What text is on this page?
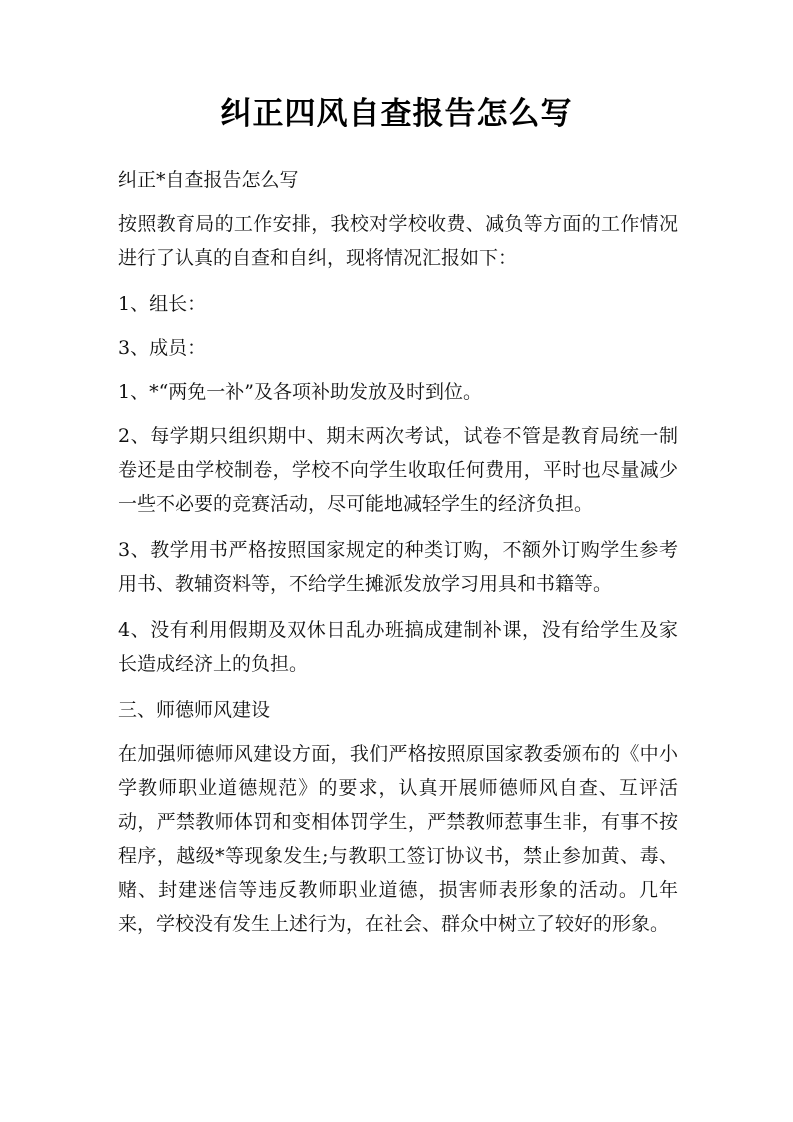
纠正四风自查报告怎么写

纠正*自查报告怎么写

按照教育局的工作安排，我校对学校收费、减负等方面的工作情况进行了认真的自查和自纠，现将情况汇报如下：

1、组长：

3、成员：

1、*“两免一补”及各项补助发放及时到位。

2、每学期只组织期中、期末两次考试，试卷不管是教育局统一制卷还是由学校制卷，学校不向学生收取任何费用，平时也尽量减少一些不必要的竞赛活动，尽可能地减轻学生的经济负担。

3、教学用书严格按照国家规定的种类订购，不额外订购学生参考用书、教辅资料等，不给学生摊派发放学习用具和书籍等。

4、没有利用假期及双休日乱办班搞成建制补课，没有给学生及家长造成经济上的负担。

三、师德师风建设

在加强师德师风建设方面，我们严格按照原国家教委颁布的《中小学教师职业道德规范》的要求，认真开展师德师风自查、互评活动，严禁教师体罚和变相体罚学生，严禁教师惹事生非，有事不按程序，越级*等现象发生;与教职工签订协议书，禁止参加黄、毒、赌、封建迷信等违反教师职业道德，损害师表形象的活动。几年来，学校没有发生上述行为，在社会、群众中树立了较好的形象。
